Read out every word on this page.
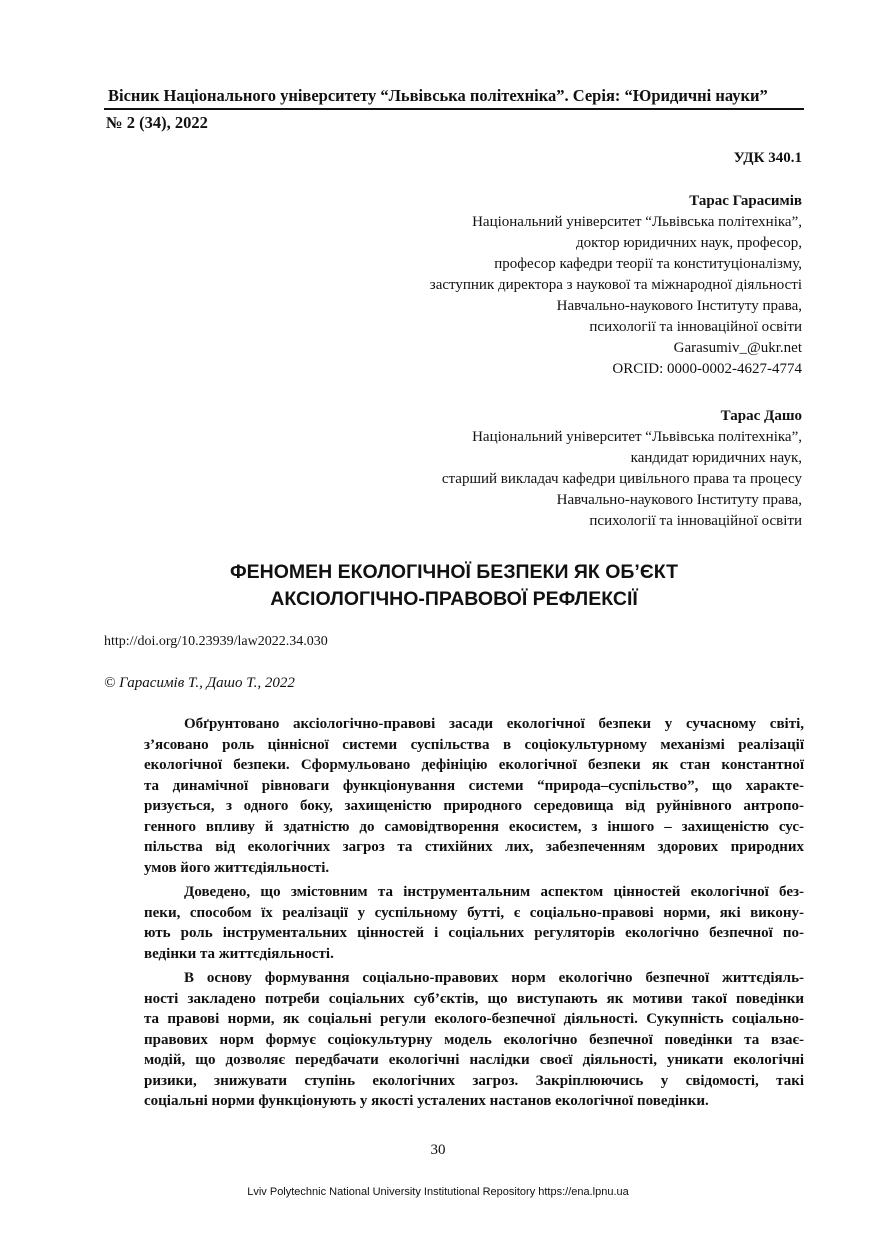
Вісник Національного університету “Львівська політехніка”. Серія: “Юридичні науки”
№ 2 (34), 2022
УДК 340.1
Тарас Гарасимів
Національний університет “Львівська політехніка”,
доктор юридичних наук, професор,
професор кафедри теорії та конституціоналізму,
заступник директора з наукової та міжнародної діяльності
Навчально-наукового Інституту права,
психології та інноваційної освіти
Garasumiv_@ukr.net
ORCID: 0000-0002-4627-4774
Тарас Дашо
Національний університет “Львівська політехніка”,
кандидат юридичних наук,
старший викладач кафедри цивільного права та процесу
Навчально-наукового Інституту права,
психології та інноваційної освіти
ФЕНОМЕН ЕКОЛОГІЧНОЇ БЕЗПЕКИ ЯК ОБ’ЄКТ
АКСІОЛОГІЧНО-ПРАВОВОЇ РЕФЛЕКСІЇ
http://doi.org/10.23939/law2022.34.030
© Гарасимів Т., Дашо Т., 2022
Обґрунтовано аксіологічно-правові засади екологічної безпеки у сучасному світі,
з’ясовано роль ціннісної системи суспільства в соціокультурному механізмі реалізації
екологічної безпеки. Сформульовано дефініцію екологічної безпеки як стан константної
та динамічної рівноваги функціонування системи “природа–суспільство”, що характе-
ризується, з одного боку, захищеністю природного середовища від руйнівного антропо-
генного впливу й здатністю до самовідтворення екосистем, з іншого – захищеністю сус-
пільства від екологічних загроз та стихійних лих, забезпеченням здорових природних
умов його життєдіяльності.
Доведено, що змістовним та інструментальним аспектом цінностей екологічної без-
пеки, способом їх реалізації у суспільному бутті, є соціально-правові норми, які викону-
ють роль інструментальних цінностей і соціальних регуляторів екологічно безпечної по-
ведінки та життєдіяльності.
В основу формування соціально-правових норм екологічно безпечної життєдіяль-
ності закладено потреби соціальних суб’єктів, що виступають як мотиви такої поведінки
та правові норми, як соціальні регули еколого-безпечної діяльності. Сукупність соціально-
правових норм формує соціокультурну модель екологічно безпечної поведінки та взає-
модій, що дозволяє передбачати екологічні наслідки своєї діяльності, уникати екологічні
ризики, знижувати ступінь екологічних загроз. Закріплюючись у свідомості, такі
соціальні норми функціонують у якості усталених настанов екологічної поведінки.
30
Lviv Polytechnic National University Institutional Repository https://ena.lpnu.ua
